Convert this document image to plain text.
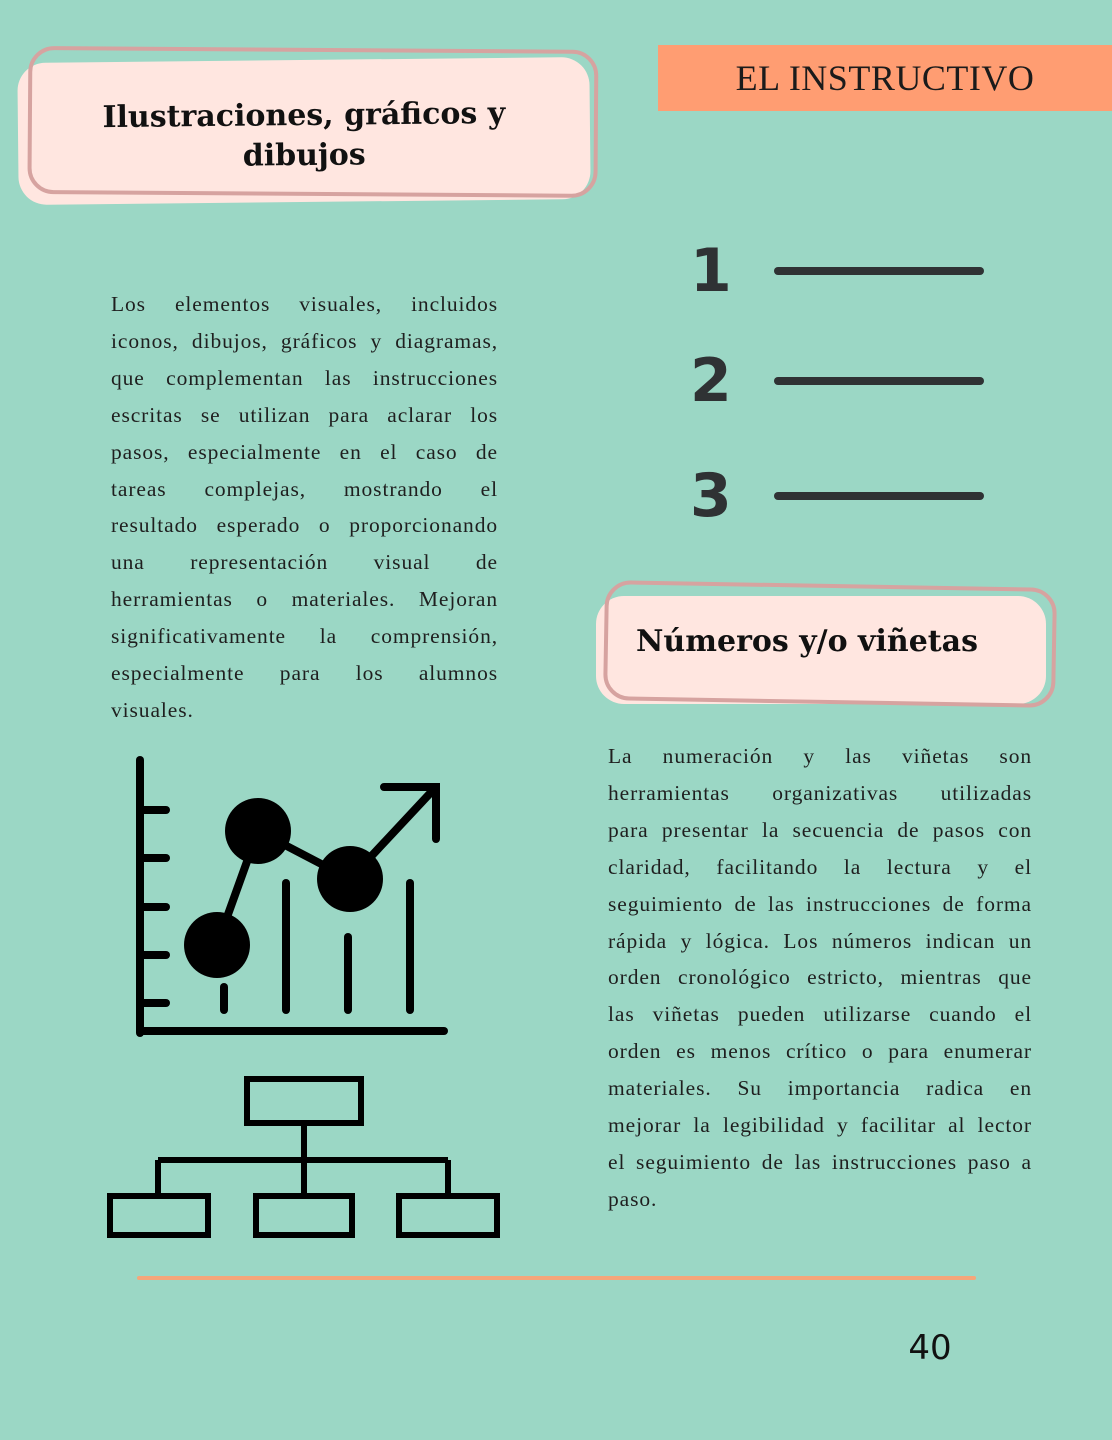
EL INSTRUCTIVO
Ilustraciones, gráficos y dibujos
Los elementos visuales, incluidos
iconos, dibujos, gráficos y diagramas,
que complementan las instrucciones
escritas se utilizan para aclarar los
pasos, especialmente en el caso de
tareas complejas, mostrando el
resultado esperado o proporcionando
una representación visual de
herramientas o materiales. Mejoran
significativamente la comprensión,
especialmente para los alumnos
visuales.
1
2
3
Números y/o viñetas
La numeración y las viñetas son
herramientas organizativas utilizadas
para presentar la secuencia de pasos con
claridad, facilitando la lectura y el
seguimiento de las instrucciones de forma
rápida y lógica. Los números indican un
orden cronológico estricto, mientras que
las viñetas pueden utilizarse cuando el
orden es menos crítico o para enumerar
materiales. Su importancia radica en
mejorar la legibilidad y facilitar al lector
el seguimiento de las instrucciones paso a
paso.
40
